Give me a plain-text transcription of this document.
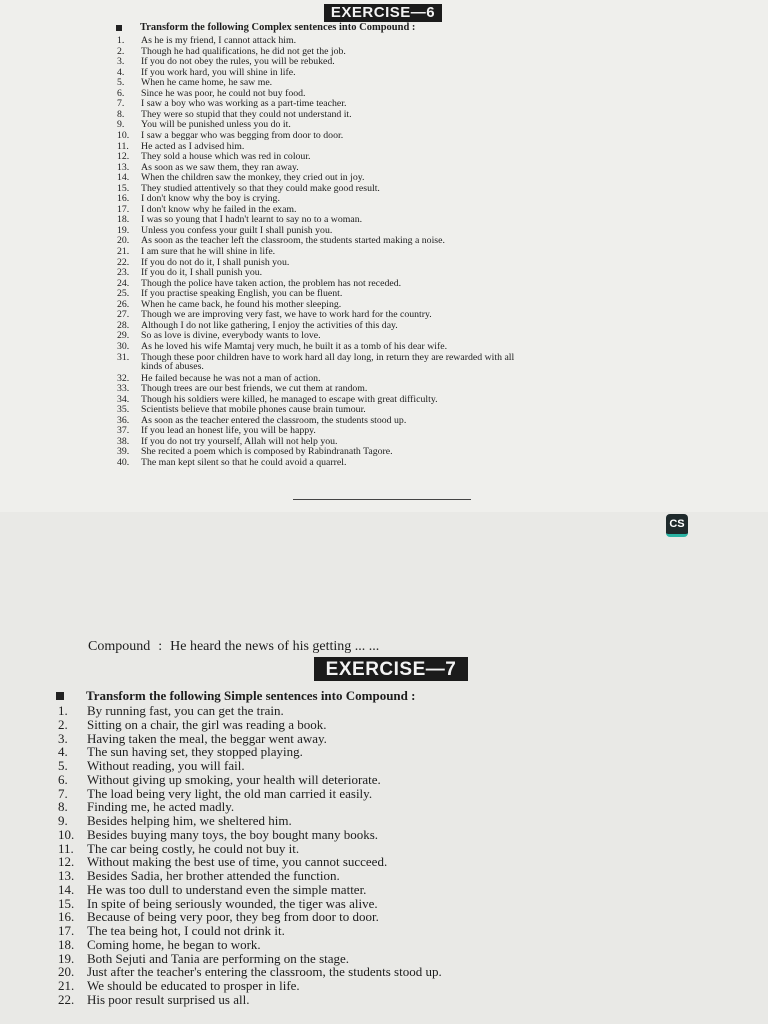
EXERCISE—6
Transform the following Complex sentences into Compound :
1.	As he is my friend, I cannot attack him.
2.	Though he had qualifications, he did not get the job.
3.	If you do not obey the rules, you will be rebuked.
4.	If you work hard, you will shine in life.
5.	When he came home, he saw me.
6.	Since he was poor, he could not buy food.
7.	I saw a boy who was working as a part-time teacher.
8.	They were so stupid that they could not understand it.
9.	You will be punished unless you do it.
10.	I saw a beggar who was begging from door to door.
11.	He acted as I advised him.
12.	They sold a house which was red in colour.
13.	As soon as we saw them, they ran away.
14.	When the children saw the monkey, they cried out in joy.
15.	They studied attentively so that they could make good result.
16.	I don't know why the boy is crying.
17.	I don't know why he failed in the exam.
18.	I was so young that I hadn't learnt to say no to a woman.
19.	Unless you confess your guilt I shall punish you.
20.	As soon as the teacher left the classroom, the students started making a noise.
21.	I am sure that he will shine in life.
22.	If you do not do it, I shall punish you.
23.	If you do it, I shall punish you.
24.	Though the police have taken action, the problem has not receded.
25.	If you practise speaking English, you can be fluent.
26.	When he came back, he found his mother sleeping.
27.	Though we are improving very fast, we have to work hard for the country.
28.	Although I do not like gathering, I enjoy the activities of this day.
29.	So as love is divine, everybody wants to love.
30.	As he loved his wife Mamtaj very much, he built it as a tomb of his dear wife.
31.	Though these poor children have to work hard all day long, in return they are rewarded with all
kinds of abuses.
32.	He failed because he was not a man of action.
33.	Though trees are our best friends, we cut them at random.
34.	Though his soldiers were killed, he managed to escape with great difficulty.
35.	Scientists believe that mobile phones cause brain tumour.
36.	As soon as the teacher entered the classroom, the students stood up.
37.	If you lead an honest life, you will be happy.
38.	If you do not try yourself, Allah will not help you.
39.	She recited a poem which is composed by Rabindranath Tagore.
40.	The man kept silent so that he could avoid a quarrel.
CS
Compound : He heard the news of his getting ... ...
EXERCISE—7
Transform the following Simple sentences into Compound :
1.	By running fast, you can get the train.
2.	Sitting on a chair, the girl was reading a book.
3.	Having taken the meal, the beggar went away.
4.	The sun having set, they stopped playing.
5.	Without reading, you will fail.
6.	Without giving up smoking, your health will deteriorate.
7.	The load being very light, the old man carried it easily.
8.	Finding me, he acted madly.
9.	Besides helping him, we sheltered him.
10. Besides buying many toys, the boy bought many books.
11.	The car being costly, he could not buy it.
12. Without making the best use of time, you cannot succeed.
13. Besides Sadia, her brother attended the function.
14. He was too dull to understand even the simple matter.
15. In spite of being seriously wounded, the tiger was alive.
16. Because of being very poor, they beg from door to door.
17. The tea being hot, I could not drink it.
18. Coming home, he began to work.
19. Both Sejuti and Tania are performing on the stage.
20. Just after the teacher's entering the classroom, the students stood up.
21. We should be educated to prosper in life.
22. His poor result surprised us all.
